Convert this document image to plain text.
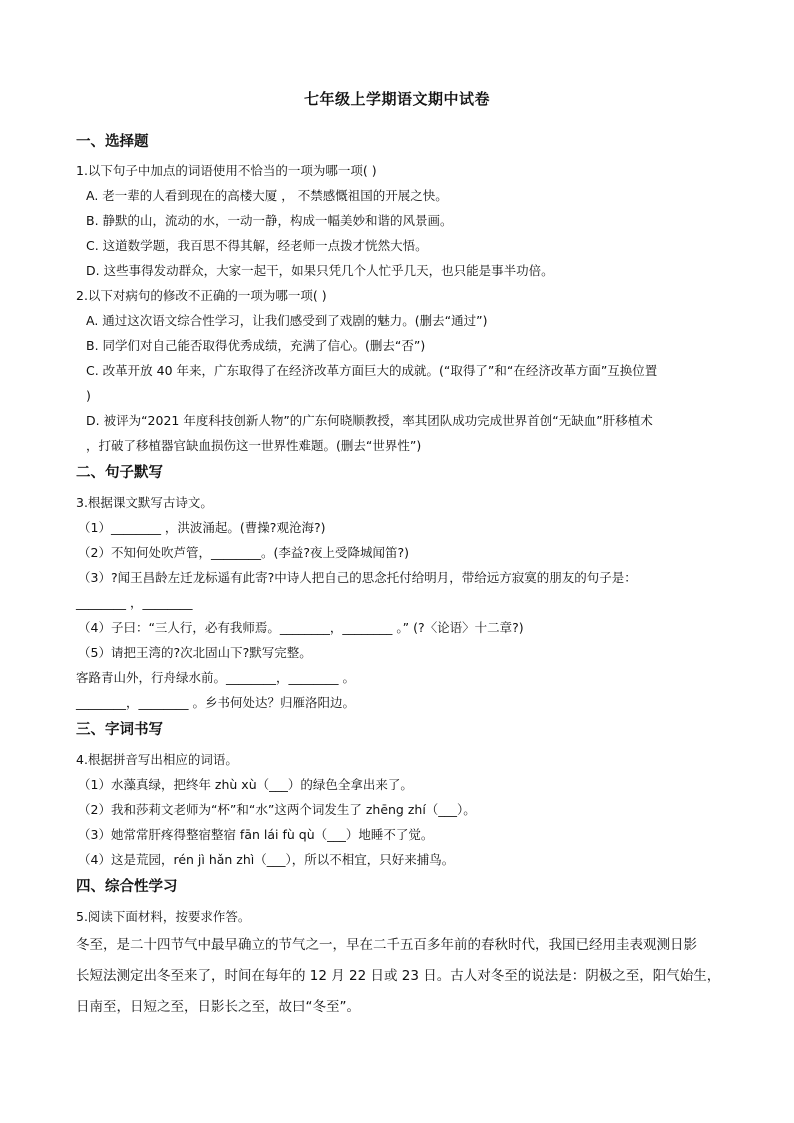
七年级上学期语文期中试卷
一、选择题
1.以下句子中加点的词语使用不恰当的一项为哪一项( )
A. 老一辈的人看到现在的高楼大厦 ， 不禁感慨祖国的开展之快。
B. 静默的山，流动的水，一动一静，构成一幅美妙和谐的风景画。
C. 这道数学题，我百思不得其解，经老师一点拨才恍然大悟。
D. 这些事得发动群众，大家一起干，如果只凭几个人忙乎几天，也只能是事半功倍。
2.以下对病句的修改不正确的一项为哪一项( )
A. 通过这次语文综合性学习，让我们感受到了戏剧的魅力。(删去“通过”)
B. 同学们对自己能否取得优秀成绩，充满了信心。(删去“否”)
C. 改革开放 40 年来，广东取得了在经济改革方面巨大的成就。(“取得了”和“在经济改革方面”互换位置
)
D. 被评为“2021 年度科技创新人物”的广东何晓顺教授，率其团队成功完成世界首创“无缺血”肝移植术
，打破了移植器官缺血损伤这一世界性难题。(删去“世界性”)
二、句子默写
3.根据课文默写古诗文。
（1）________ ，洪波涌起。(曹操?观沧海?)
（2）不知何处吹芦管，________。(李益?夜上受降城闻笛?)
（3）?闻王昌龄左迁龙标遥有此寄?中诗人把自己的思念托付给明月，带给远方寂寞的朋友的句子是：
________ ，________
（4）子曰：“三人行，必有我师焉。________，________ 。” (?〈论语〉十二章?)
（5）请把王湾的?次北固山下?默写完整。
客路青山外，行舟绿水前。________，________ 。
________，________ 。乡书何处达？归雁洛阳边。
三、字词书写
4.根据拼音写出相应的词语。
（1）水藻真绿，把终年 zhù xù（___）的绿色全拿出来了。
（2）我和莎莉文老师为“杯”和“水”这两个词发生了 zhēng zhí（___）。
（3）她常常肝疼得整宿整宿 fān lái fù qù（___）地睡不了觉。
（4）这是荒园，rén jì hǎn zhì（___），所以不相宜，只好来捕鸟。
四、综合性学习
5.阅读下面材料，按要求作答。
冬至，是二十四节气中最早确立的节气之一，早在二千五百多年前的春秋时代，我国已经用圭表观测日影
长短法测定出冬至来了，时间在每年的 12 月 22 日或 23 日。古人对冬至的说法是：阴极之至，阳气始生，
日南至，日短之至，日影长之至，故曰“冬至”。
